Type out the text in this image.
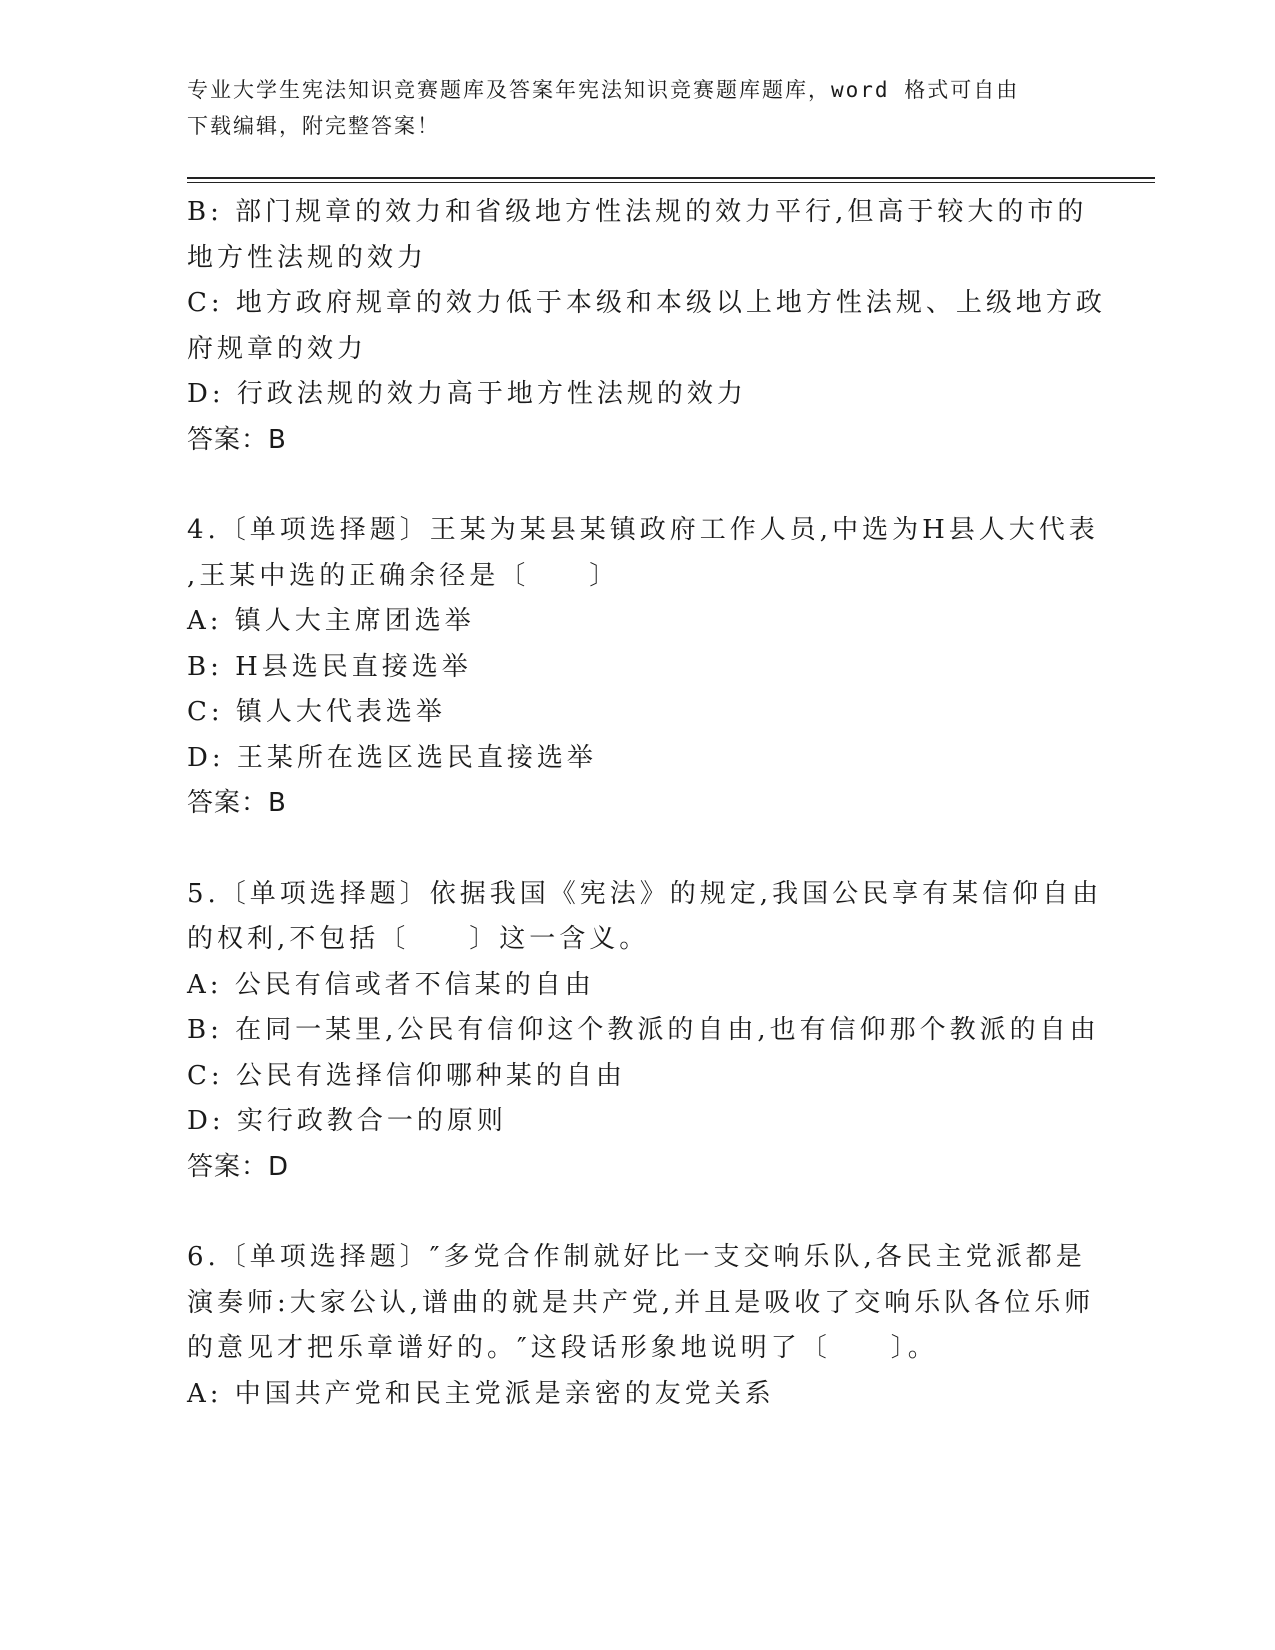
专业大学生宪法知识竞赛题库及答案年宪法知识竞赛题库题库，word 格式可自由
下载编辑，附完整答案！
B: 部门规章的效力和省级地方性法规的效力平行,但高于较大的市的
地方性法规的效力
C: 地方政府规章的效力低于本级和本级以上地方性法规、上级地方政
府规章的效力
D: 行政法规的效力高于地方性法规的效力
答案：B
4.〔单项选择题〕王某为某县某镇政府工作人员,中选为H县人大代表
,王某中选的正确余径是〔　　〕
A: 镇人大主席团选举
B: H县选民直接选举
C: 镇人大代表选举
D: 王某所在选区选民直接选举
答案：B
5.〔单项选择题〕依据我国《宪法》的规定,我国公民享有某信仰自由
的权利,不包括〔　　〕这一含义。
A: 公民有信或者不信某的自由
B: 在同一某里,公民有信仰这个教派的自由,也有信仰那个教派的自由
C: 公民有选择信仰哪种某的自由
D: 实行政教合一的原则
答案：D
6.〔单项选择题〕″多党合作制就好比一支交响乐队,各民主党派都是
演奏师:大家公认,谱曲的就是共产党,并且是吸收了交响乐队各位乐师
的意见才把乐章谱好的。″这段话形象地说明了〔　　〕。
A: 中国共产党和民主党派是亲密的友党关系
